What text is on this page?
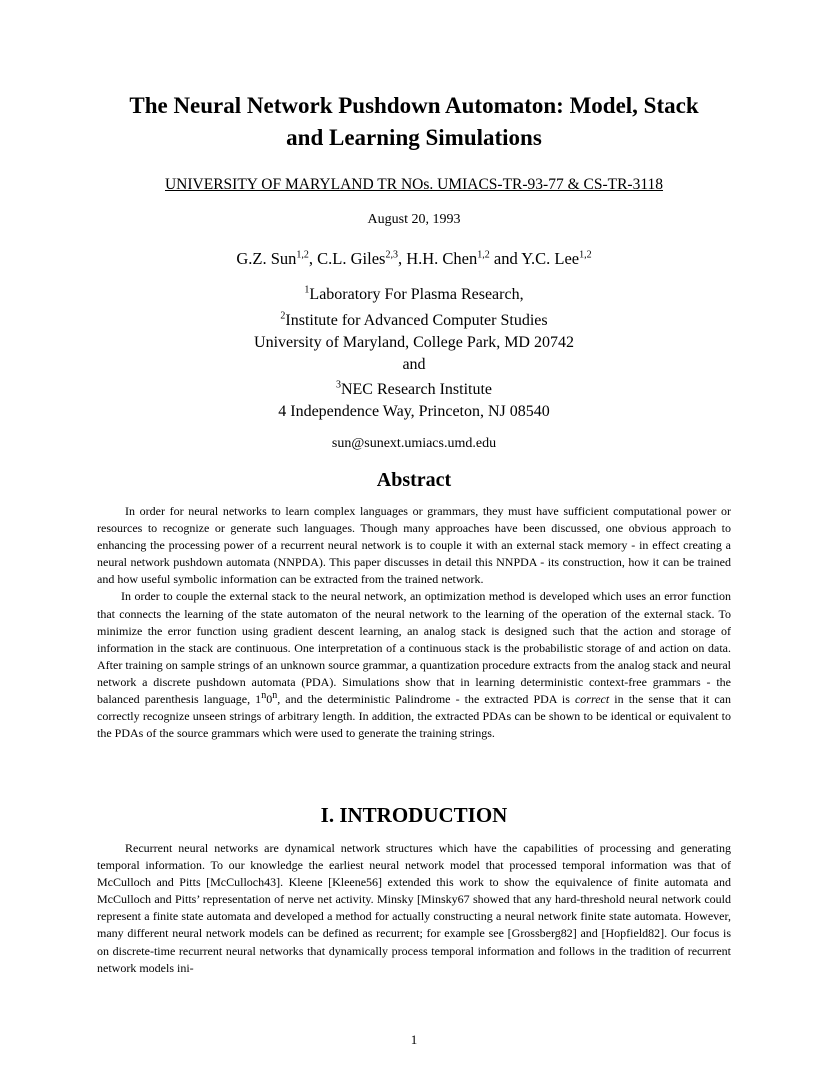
The Neural Network Pushdown Automaton: Model, Stack
and Learning Simulations
UNIVERSITY OF MARYLAND TR NOs. UMIACS-TR-93-77 & CS-TR-3118
August 20, 1993
G.Z. Sun$^{1,2}$, C.L. Giles$^{2,3}$, H.H. Chen$^{1,2}$ and Y.C. Lee$^{1,2}$
$^1$Laboratory For Plasma Research,
$^2$Institute for Advanced Computer Studies
University of Maryland, College Park, MD 20742
and
$^3$NEC Research Institute
4 Independence Way, Princeton, NJ 08540
sun@sunext.umiacs.umd.edu
Abstract

In order for neural networks to learn complex languages or grammars, they must have sufficient computational power or resources to recognize or generate such languages. Though many approaches have been discussed, one obvious approach to enhancing the processing power of a recurrent neural network is to couple it with an external stack memory - in effect creating a neural network pushdown automata (NNPDA). This paper discusses in detail this NNPDA - its construction, how it can be trained and how useful symbolic information can be extracted from the trained network.

In order to couple the external stack to the neural network, an optimization method is developed which uses an error function that connects the learning of the state automaton of the neural network to the learning of the operation of the external stack. To minimize the error function using gradient descent learning, an analog stack is designed such that the action and storage of information in the stack are continuous. One interpretation of a continuous stack is the probabilistic storage of and action on data. After training on sample strings of an unknown source grammar, a quantization procedure extracts from the analog stack and neural network a discrete pushdown automata (PDA). Simulations show that in learning deterministic context-free grammars - the balanced parenthesis language, 1$^n$0$^n$, and the deterministic Palindrome - the extracted PDA is correct in the sense that it can correctly recognize unseen strings of arbitrary length. In addition, the extracted PDAs can be shown to be identical or equivalent to the PDAs of the source grammars which were used to generate the training strings.

I. INTRODUCTION

Recurrent neural networks are dynamical network structures which have the capabilities of processing and generating temporal information. To our knowledge the earliest neural network model that processed temporal information was that of McCulloch and Pitts [McCulloch43]. Kleene [Kleene56] extended this work to show the equivalence of finite automata and McCulloch and Pitts’ representation of nerve net activity. Minsky [Minsky67 showed that any hard-threshold neural network could represent a finite state automata and developed a method for actually constructing a neural network finite state automata. However, many different neural network models can be defined as recurrent; for example see [Grossberg82] and [Hopfield82]. Our focus is on discrete-time recurrent neural networks that dynamically process temporal information and follows in the tradition of recurrent network models ini-

1
